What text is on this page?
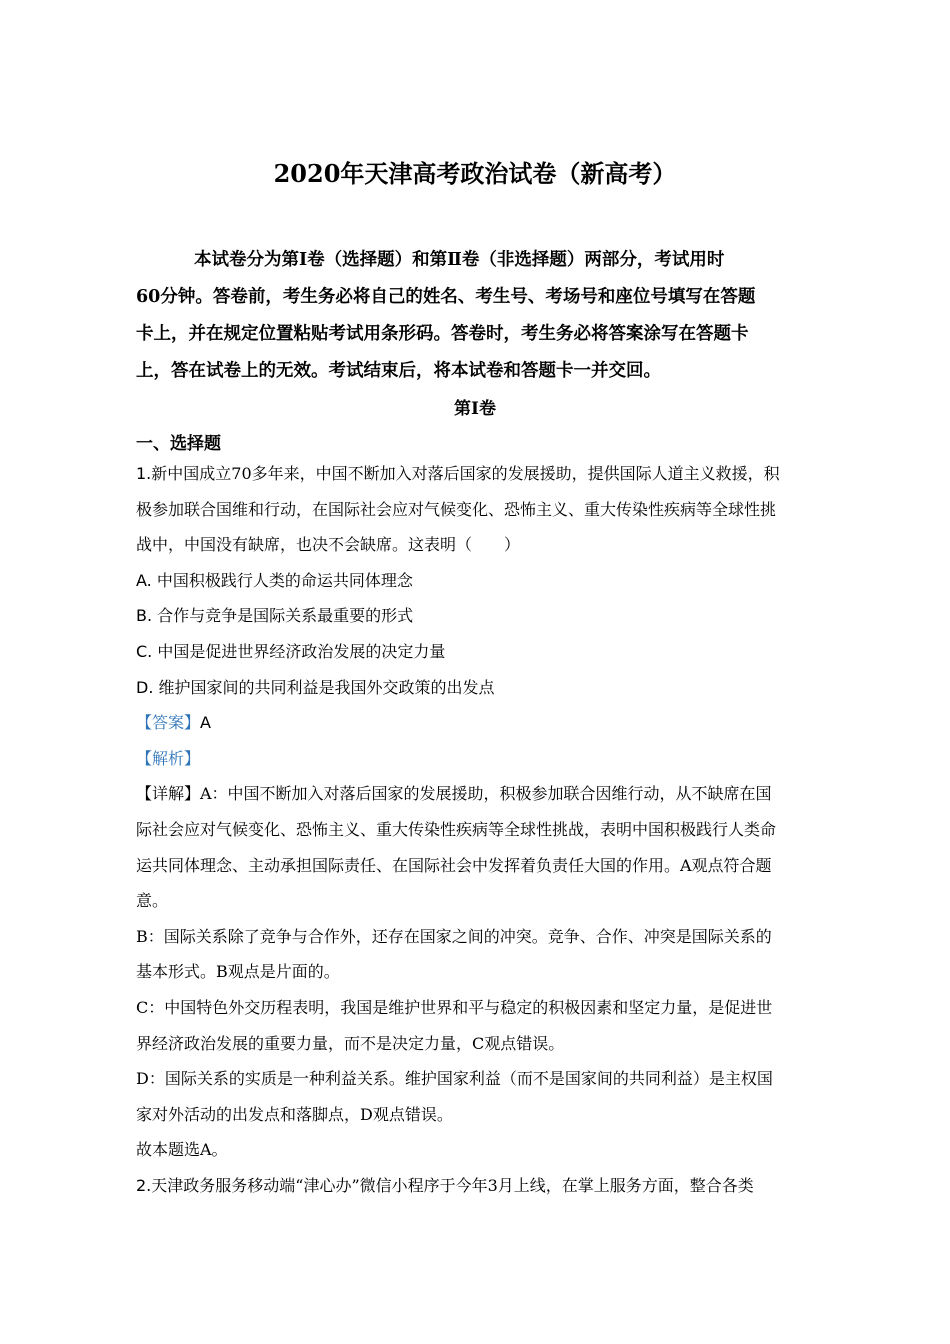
2020年天津高考政治试卷（新高考）
本试卷分为第Ⅰ卷（选择题）和第Ⅱ卷（非选择题）两部分，考试用时
60分钟。答卷前，考生务必将自己的姓名、考生号、考场号和座位号填写在答题
卡上，并在规定位置粘贴考试用条形码。答卷时，考生务必将答案涂写在答题卡
上，答在试卷上的无效。考试结束后，将本试卷和答题卡一并交回。
第Ⅰ卷
一、选择题
1.新中国成立70多年来，中国不断加入对落后国家的发展援助，提供国际人道主义救援，积
极参加联合国维和行动，在国际社会应对气候变化、恐怖主义、重大传染性疾病等全球性挑
战中，中国没有缺席，也决不会缺席。这表明（　　）
A. 中国积极践行人类的命运共同体理念
B. 合作与竞争是国际关系最重要的形式
C. 中国是促进世界经济政治发展的决定力量
D. 维护国家间的共同利益是我国外交政策的出发点
【答案】A
【解析】
【详解】A：中国不断加入对落后国家的发展援助，积极参加联合因维行动，从不缺席在国
际社会应对气候变化、恐怖主义、重大传染性疾病等全球性挑战，表明中国积极践行人类命
运共同体理念、主动承担国际责任、在国际社会中发挥着负责任大国的作用。A观点符合题
意。
B：国际关系除了竞争与合作外，还存在国家之间的冲突。竞争、合作、冲突是国际关系的
基本形式。B观点是片面的。
C：中国特色外交历程表明，我国是维护世界和平与稳定的积极因素和坚定力量，是促进世
界经济政治发展的重要力量，而不是决定力量，C观点错误。
D：国际关系的实质是一种利益关系。维护国家利益（而不是国家间的共同利益）是主权国
家对外活动的出发点和落脚点，D观点错误。
故本题选A。
2.天津政务服务移动端“津心办”微信小程序于今年3月上线，在掌上服务方面，整合各类
